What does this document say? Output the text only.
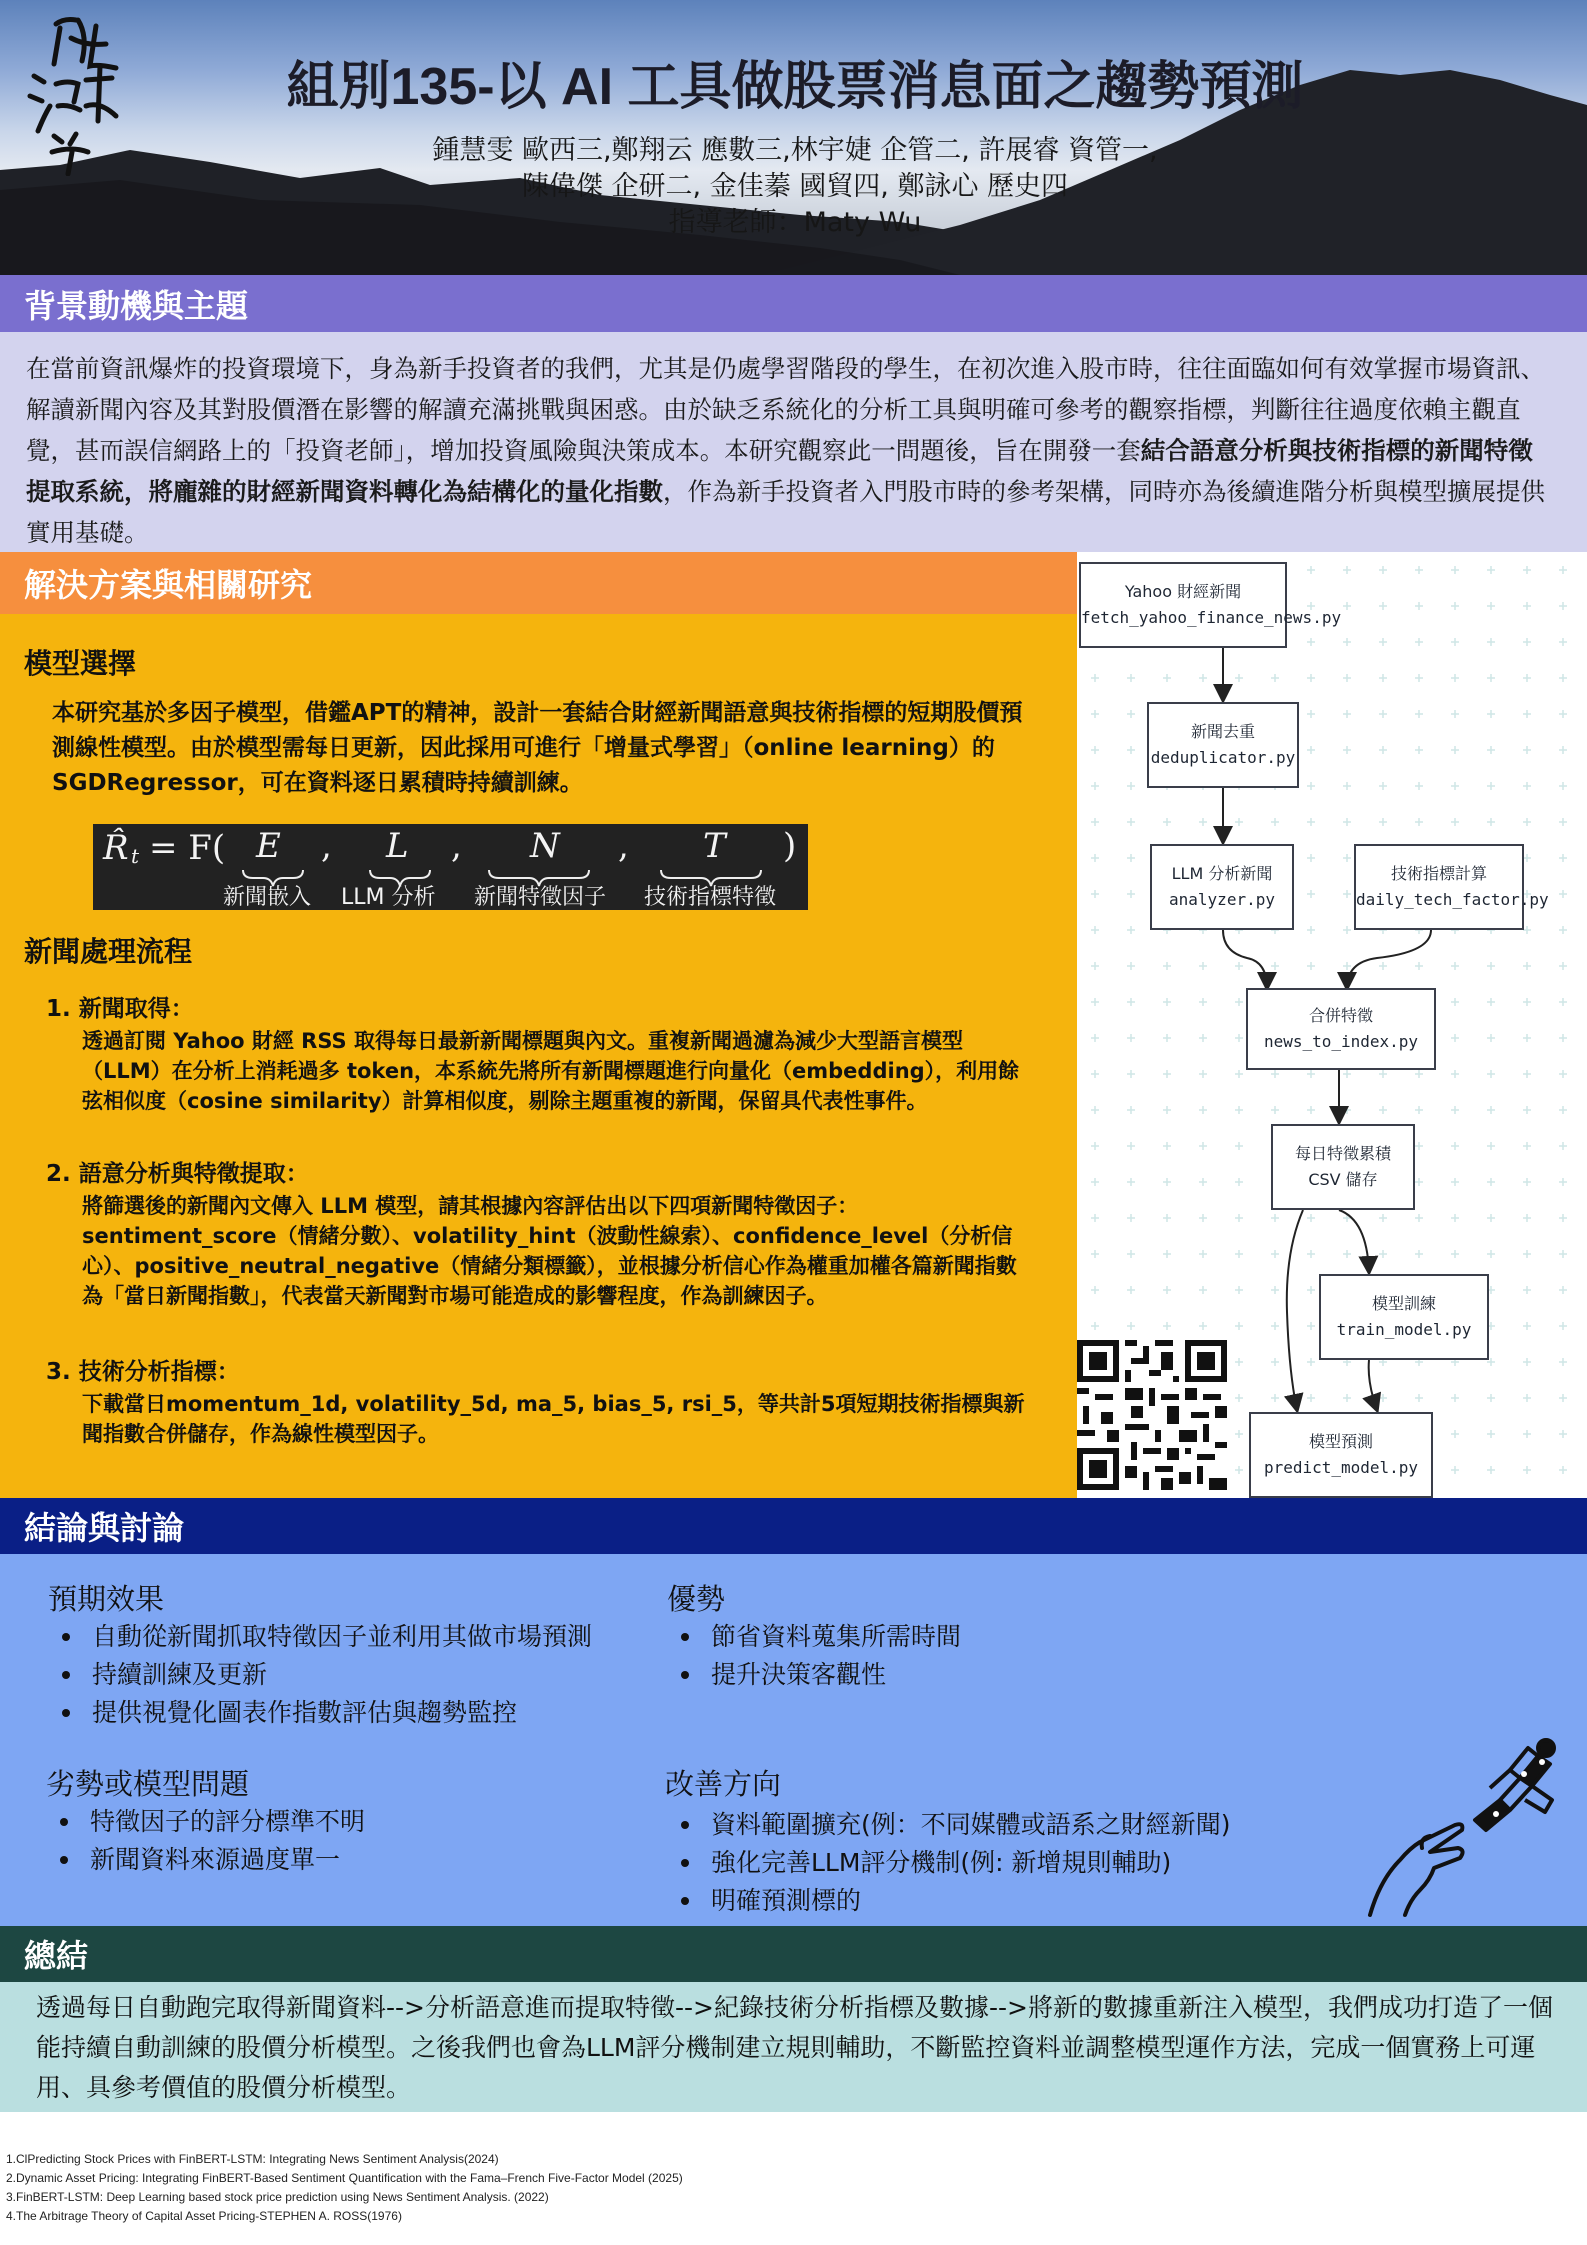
組別135-以 AI 工具做股票消息面之趨勢預測
鍾慧雯 歐西三,鄭翔云 應數三,林宇婕 企管二, 許展睿 資管一,
陳偉傑 企研二, 金佳蓁 國貿四, 鄭詠心 歷史四
指導老師：Maty Wu
背景動機與主題
在當前資訊爆炸的投資環境下，身為新手投資者的我們，尤其是仍處學習階段的學生，在初次進入股市時，往往面臨如何有效掌握市場資訊、解讀新聞內容及其對股價潛在影響的解讀充滿挑戰與困惑。由於缺乏系統化的分析工具與明確可參考的觀察指標，判斷往往過度依賴主觀直覺，甚而誤信網路上的「投資老師」，增加投資風險與決策成本。本研究觀察此一問題後，旨在開發一套結合語意分析與技術指標的新聞特徵提取系統，將龐雜的財經新聞資料轉化為結構化的量化指數，作為新手投資者入門股市時的參考架構，同時亦為後續進階分析與模型擴展提供實用基礎。
解決方案與相關研究
模型選擇
本研究基於多因子模型，借鑑APT的精神，設計一套結合財經新聞語意與技術指標的短期股價預測線性模型。由於模型需每日更新，因此採用可進行「增量式學習」（online learning）的SGDRegressor，可在資料逐日累積時持續訓練。
R̂ t = F( E , L , N , T )
新聞嵌入 LLM 分析 新聞特徵因子 技術指標特徵
新聞處理流程
1. 新聞取得：
透過訂閱 Yahoo 財經 RSS 取得每日最新新聞標題與內文。重複新聞過濾為減少大型語言模型（LLM）在分析上消耗過多 token，本系統先將所有新聞標題進行向量化（embedding），利用餘弦相似度（cosine similarity）計算相似度，剔除主題重複的新聞，保留具代表性事件。
2. 語意分析與特徵提取：
將篩選後的新聞內文傳入 LLM 模型，請其根據內容評估出以下四項新聞特徵因子：sentiment_score（情緒分數）、volatility_hint（波動性線索）、confidence_level（分析信心）、positive_neutral_negative（情緒分類標籤），並根據分析信心作為權重加權各篇新聞指數為「當日新聞指數」，代表當天新聞對市場可能造成的影響程度，作為訓練因子。
3. 技術分析指標：
下載當日momentum_1d, volatility_5d, ma_5, bias_5, rsi_5，等共計5項短期技術指標與新聞指數合併儲存，作為線性模型因子。
Yahoo 財經新聞
fetch_yahoo_finance_news.py
新聞去重
deduplicator.py
LLM 分析新聞
analyzer.py
技術指標計算
daily_tech_factor.py
合併特徵
news_to_index.py
每日特徵累積
CSV 儲存
模型訓練
train_model.py
模型預測
predict_model.py
結論與討論
預期效果
自動從新聞抓取特徵因子並利用其做市場預測
持續訓練及更新
提供視覺化圖表作指數評估與趨勢監控
優勢
節省資料蒐集所需時間
提升決策客觀性
劣勢或模型問題
特徵因子的評分標準不明
新聞資料來源過度單一
改善方向
資料範圍擴充(例：不同媒體或語系之財經新聞)
強化完善LLM評分機制(例: 新增規則輔助)
明確預測標的
總結
透過每日自動跑完取得新聞資料-->分析語意進而提取特徵-->紀錄技術分析指標及數據-->將新的數據重新注入模型，我們成功打造了一個能持續自動訓練的股價分析模型。之後我們也會為LLM評分機制建立規則輔助，不斷監控資料並調整模型運作方法，完成一個實務上可運用、具參考價值的股價分析模型。
1.ClPredicting Stock Prices with FinBERT-LSTM: Integrating News Sentiment Analysis(2024)
2.Dynamic Asset Pricing: Integrating FinBERT-Based Sentiment Quantification with the Fama–French Five-Factor Model (2025)
3.FinBERT-LSTM: Deep Learning based stock price prediction using News Sentiment Analysis. (2022)
4.The Arbitrage Theory of Capital Asset Pricing-STEPHEN A. ROSS(1976)
